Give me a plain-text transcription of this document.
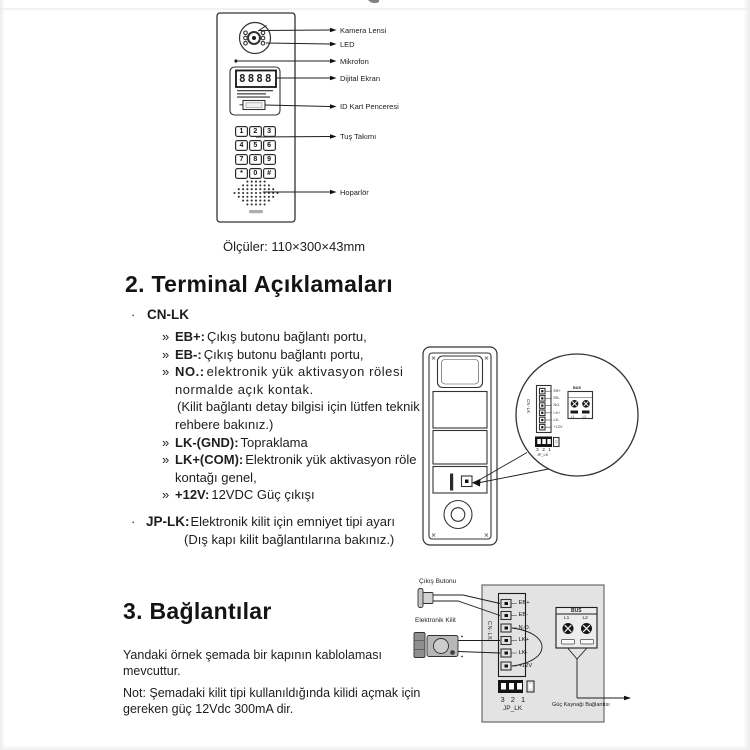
8888
1	2	3
4	5	6
7	8	9
*	0	#
Kamera Lensi
LED
Mikrofon
Dijital Ekran
ID Kart Penceresi
Tuş Takımı
Hoparlör
Ölçüler: 110×300×43mm
2. Terminal Açıklamaları
· CN-LK
» EB+: Çıkış butonu bağlantı portu,
» EB-: Çıkış butonu bağlantı portu,
» NO.: elektronik yük aktivasyon rölesi normalde açık kontak.
(Kilit bağlantı detay bilgisi için lütfen teknik rehbere bakınız.)
» LK-(GND): Topraklama
» LK+(COM): Elektronik yük aktivasyon röle kontağı genel,
» +12V: 12VDC Güç çıkışı
· JP-LK:Elektronik kilit için emniyet tipi ayarı
(Dış kapı kilit bağlantılarına bakınız.)
CN-LK
EB+
EB-
NO.
LK+
LK-
+12V
BUS
L1 L2
3 2 1
JP_LK
3. Bağlantılar
Yandaki örnek şemada bir kapının kablolaması
mevcuttur.
Not: Şemadaki kilit tipi kullanıldığında kilidi açmak için
gereken güç 12Vdc 300mA dir.
Çıkış Butonu
Elektronik Kilit
CN-LK
EB+
EB-
N.O.
LK+
LK-
+12V
BUS
L1	L2
3 2 1
JP_LK	Güç Kaynağı Bağlantısı
